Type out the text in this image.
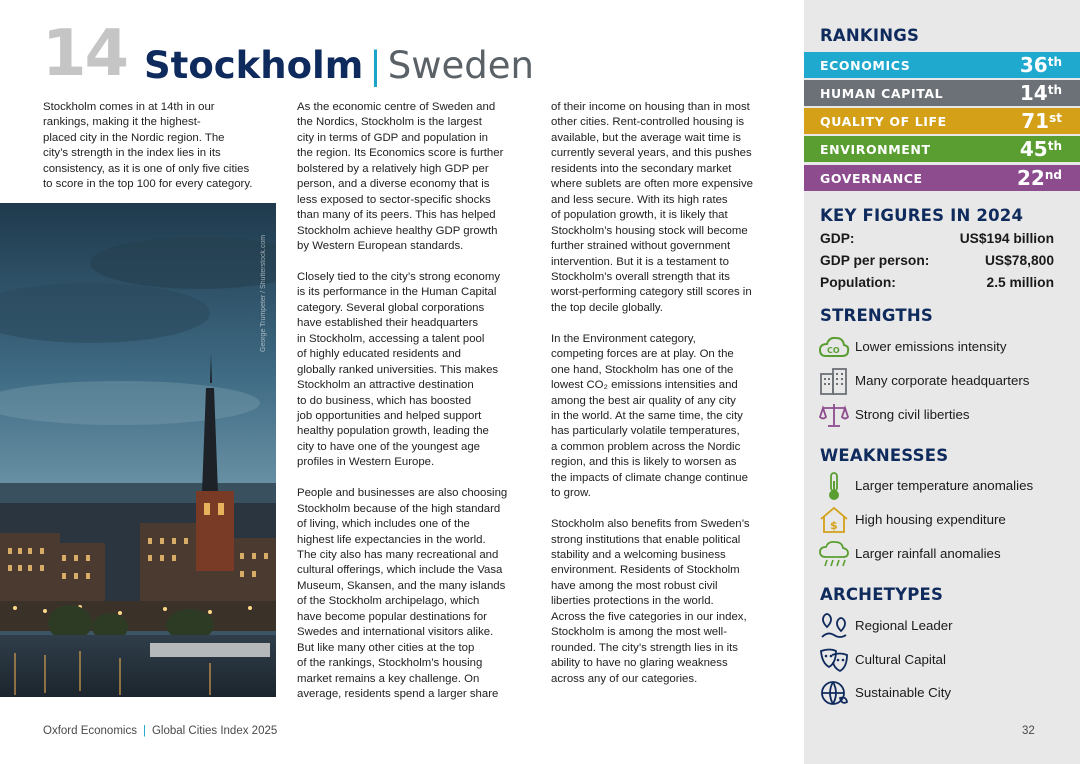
14 Stockholm | Sweden

Stockholm comes in at 14th in our
rankings, making it the highest-
placed city in the Nordic region. The
city’s strength in the index lies in its
consistency, as it is one of only five cities
to score in the top 100 for every category.

As the economic centre of Sweden and
the Nordics, Stockholm is the largest
city in terms of GDP and population in
the region. Its Economics score is further
bolstered by a relatively high GDP per
person, and a diverse economy that is
less exposed to sector-specific shocks
than many of its peers. This has helped
Stockholm achieve healthy GDP growth
by Western European standards.

Closely tied to the city’s strong economy
is its performance in the Human Capital
category. Several global corporations
have established their headquarters
in Stockholm, accessing a talent pool
of highly educated residents and
globally ranked universities. This makes
Stockholm an attractive destination
to do business, which has boosted
job opportunities and helped support
healthy population growth, leading the
city to have one of the youngest age
profiles in Western Europe.

People and businesses are also choosing
Stockholm because of the high standard
of living, which includes one of the
highest life expectancies in the world.
The city also has many recreational and
cultural offerings, which include the Vasa
Museum, Skansen, and the many islands
of the Stockholm archipelago, which
have become popular destinations for
Swedes and international visitors alike.
But like many other cities at the top
of the rankings, Stockholm’s housing
market remains a key challenge. On
average, residents spend a larger share

of their income on housing than in most
other cities. Rent-controlled housing is
available, but the average wait time is
currently several years, and this pushes
residents into the secondary market
where sublets are often more expensive
and less secure. With its high rates
of population growth, it is likely that
Stockholm’s housing stock will become
further strained without government
intervention. But it is a testament to
Stockholm’s overall strength that its
worst-performing category still scores in
the top decile globally.

In the Environment category,
competing forces are at play. On the
one hand, Stockholm has one of the
lowest CO₂ emissions intensities and
among the best air quality of any city
in the world. At the same time, the city
has particularly volatile temperatures,
a common problem across the Nordic
region, and this is likely to worsen as
the impacts of climate change continue
to grow.

Stockholm also benefits from Sweden’s
strong institutions that enable political
stability and a welcoming business
environment. Residents of Stockholm
have among the most robust civil
liberties protections in the world.
Across the five categories in our index,
Stockholm is among the most well-
rounded. The city’s strength lies in its
ability to have no glaring weakness
across any of our categories.

George Trumpeter / Shutterstock.com
RANKINGS
ECONOMICS	36th
HUMAN CAPITAL	14th
QUALITY OF LIFE	71st
ENVIRONMENT	45th
GOVERNANCE	22nd
KEY FIGURES IN 2024
GDP:	US$194 billion
GDP per person:	US$78,800
Population:	2.5 million
STRENGTHS
CO Lower emissions intensity
Many corporate headquarters
Strong civil liberties
WEAKNESSES
Larger temperature anomalies
$ High housing expenditure
Larger rainfall anomalies
ARCHETYPES
Regional Leader
Cultural Capital
Sustainable City
Oxford Economics | Global Cities Index 2025	32
